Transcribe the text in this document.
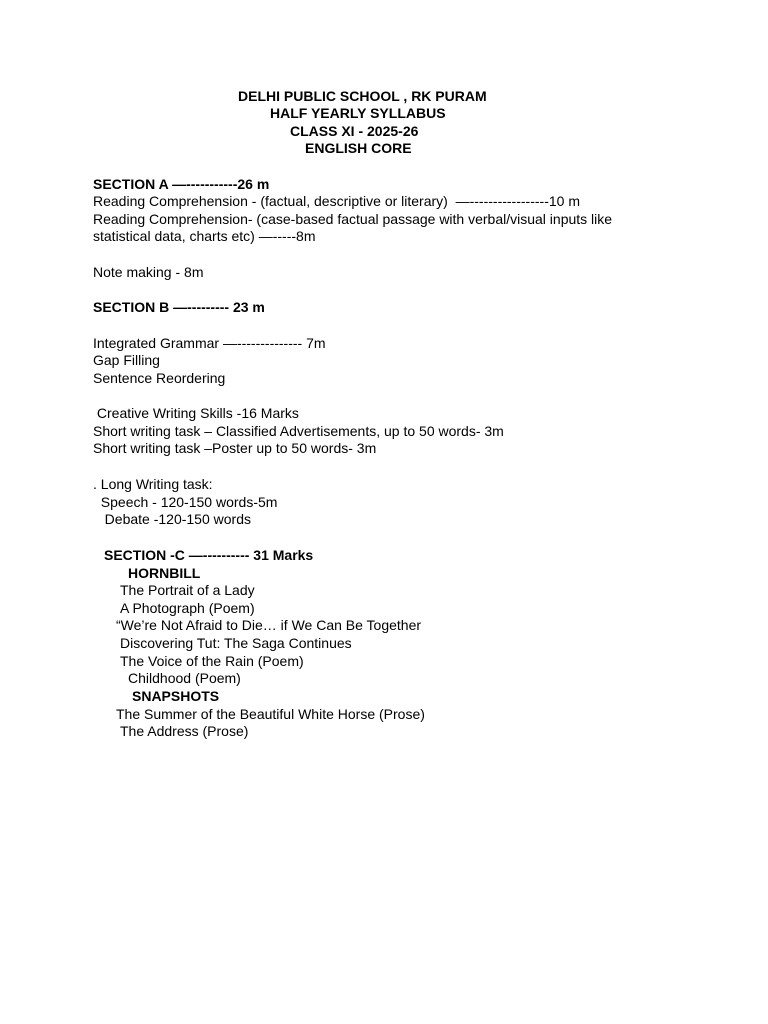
DELHI PUBLIC SCHOOL , RK PURAM
HALF YEARLY SYLLABUS
CLASS XI - 2025-26
ENGLISH CORE
SECTION A —-----------26 m
Reading Comprehension - (factual, descriptive or literary)  —-----------------10 m
Reading Comprehension- (case-based factual passage with verbal/visual inputs like
statistical data, charts etc) —-----8m
Note making - 8m
SECTION B —--------- 23 m
Integrated Grammar —-------------- 7m
Gap Filling
Sentence Reordering
Creative Writing Skills -16 Marks
Short writing task – Classified Advertisements, up to 50 words- 3m
Short writing task –Poster up to 50 words- 3m
. Long Writing task:
Speech - 120-150 words-5m
Debate -120-150 words
SECTION -C —---------- 31 Marks
HORNBILL
The Portrait of a Lady
A Photograph (Poem)
“We’re Not Afraid to Die… if We Can Be Together
Discovering Tut: The Saga Continues
The Voice of the Rain (Poem)
Childhood (Poem)
SNAPSHOTS
The Summer of the Beautiful White Horse (Prose)
The Address (Prose)
